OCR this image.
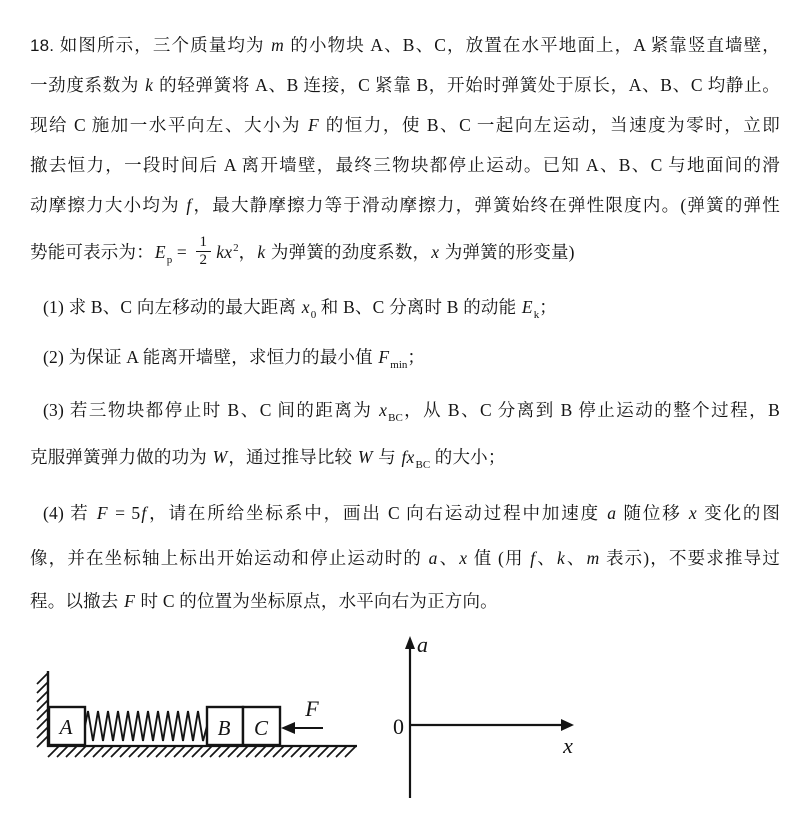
18. 如图所示，三个质量均为 m 的小物块 A、B、C，放置在水平地面上，A 紧靠竖直墙壁，
一劲度系数为 k 的轻弹簧将 A、B 连接，C 紧靠 B，开始时弹簧处于原长，A、B、C 均静止。
现给 C 施加一水平向左、大小为 F 的恒力，使 B、C 一起向左运动，当速度为零时，立即
撤去恒力，一段时间后 A 离开墙壁，最终三物块都停止运动。已知 A、B、C 与地面间的滑
动摩擦力大小均为 f，最大静摩擦力等于滑动摩擦力，弹簧始终在弹性限度内。(弹簧的弹性
势能可表示为：$E_p = \frac{1}{2} kx^2$，k 为弹簧的劲度系数，x 为弹簧的形变量)
(1) 求 B、C 向左移动的最大距离 $x_0$ 和 B、C 分离时 B 的动能 $E_k$；
(2) 为保证 A 能离开墙壁，求恒力的最小值 $F_{min}$；
(3) 若三物块都停止时 B、C 间的距离为 $x_{BC}$，从 B、C 分离到 B 停止运动的整个过程，B
克服弹簧弹力做的功为 W，通过推导比较 W 与 $fx_{BC}$ 的大小；
(4) 若 F = 5f，请在所给坐标系中，画出 C 向右运动过程中加速度 a 随位移 x 变化的图
像，并在坐标轴上标出开始运动和停止运动时的 a、x 值 (用 f、k、m 表示)，不要求推导过
程。以撤去 F 时 C 的位置为坐标原点，水平向右为正方向。
A	B C
F
a
x
0
